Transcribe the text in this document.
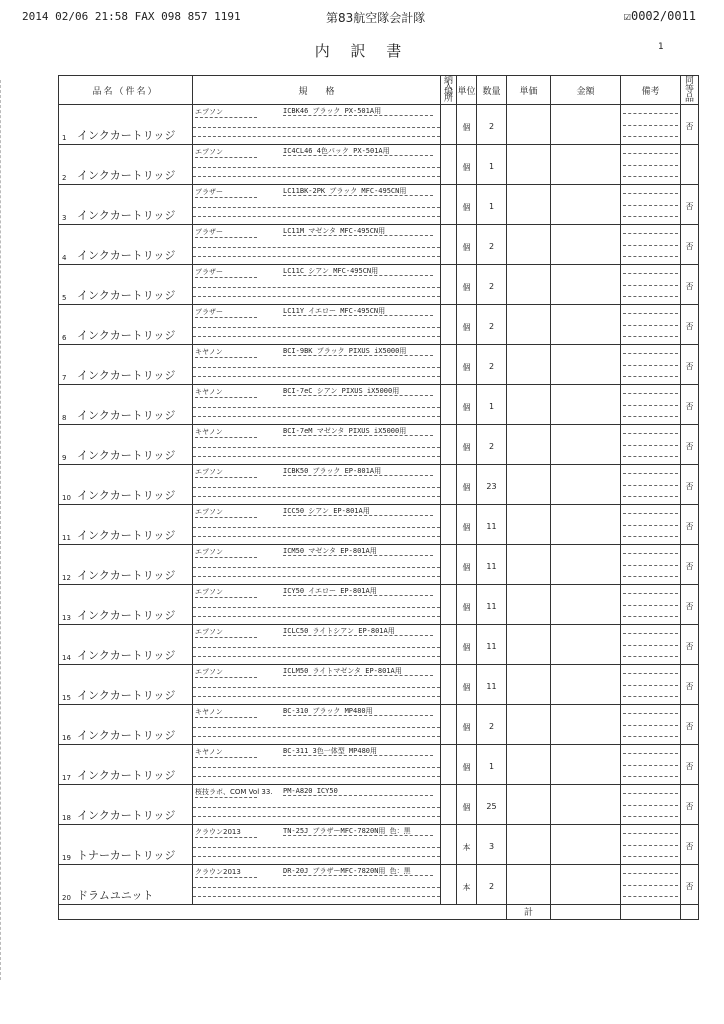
2014 02/06 21:58 FAX 098 857 1191	第83航空隊会計隊	☑0002/0011
内 訳 書	1
品名（件名）	規　　格	納入場所	単位	数量	単価	金額	備考	同等品

1 インクカートリッジ	エプソン ICBK46 ブラック PX-501A用		個	2				否

2 インクカートリッジ	エプソン IC4CL46 4色パック PX-501A用		個	1				

3 インクカートリッジ	ブラザー LC11BK-2PK ブラック MFC-495CN用		個	1				否

4 インクカートリッジ	ブラザー LC11M マゼンタ MFC-495CN用		個	2				否

5 インクカートリッジ	ブラザー LC11C シアン MFC-495CN用		個	2				否

6 インクカートリッジ	ブラザー LC11Y イエロー MFC-495CN用		個	2				否

7 インクカートリッジ	キヤノン BCI-9BK ブラック PIXUS iX5000用		個	2				否

8 インクカートリッジ	キヤノン BCI-7eC シアン PIXUS iX5000用		個	1				否

9 インクカートリッジ	キヤノン BCI-7eM マゼンタ PIXUS iX5000用		個	2				否

10 インクカートリッジ	エプソン ICBK50 ブラック EP-801A用		個	23				否

11 インクカートリッジ	エプソン ICC50 シアン EP-801A用		個	11				否

12 インクカートリッジ	エプソン ICM50 マゼンタ EP-801A用		個	11				否

13 インクカートリッジ	エプソン ICY50 イエロー EP-801A用		個	11				否

14 インクカートリッジ	エプソン ICLC50 ライトシアン EP-801A用		個	11				否

15 インクカートリッジ	エプソン ICLM50 ライトマゼンタ EP-801A用		個	11				否

16 インクカートリッジ	キヤノン BC-310 ブラック MP480用		個	2				否

17 インクカートリッジ	キヤノン BC-311 3色一体型 MP480用		個	1				否

18 インクカートリッジ	桜技ラボ、COM Vol 33. PM-A820 ICY50		個	25				否

19 トナーカートリッジ	クラウン2013 TN-25J ブラザーMFC-7820N用 色：黒		本	3				否

20 ドラムユニット	クラウン2013 DR-20J ブラザーMFC-7820N用 色：黒		本	2				否

					計			
